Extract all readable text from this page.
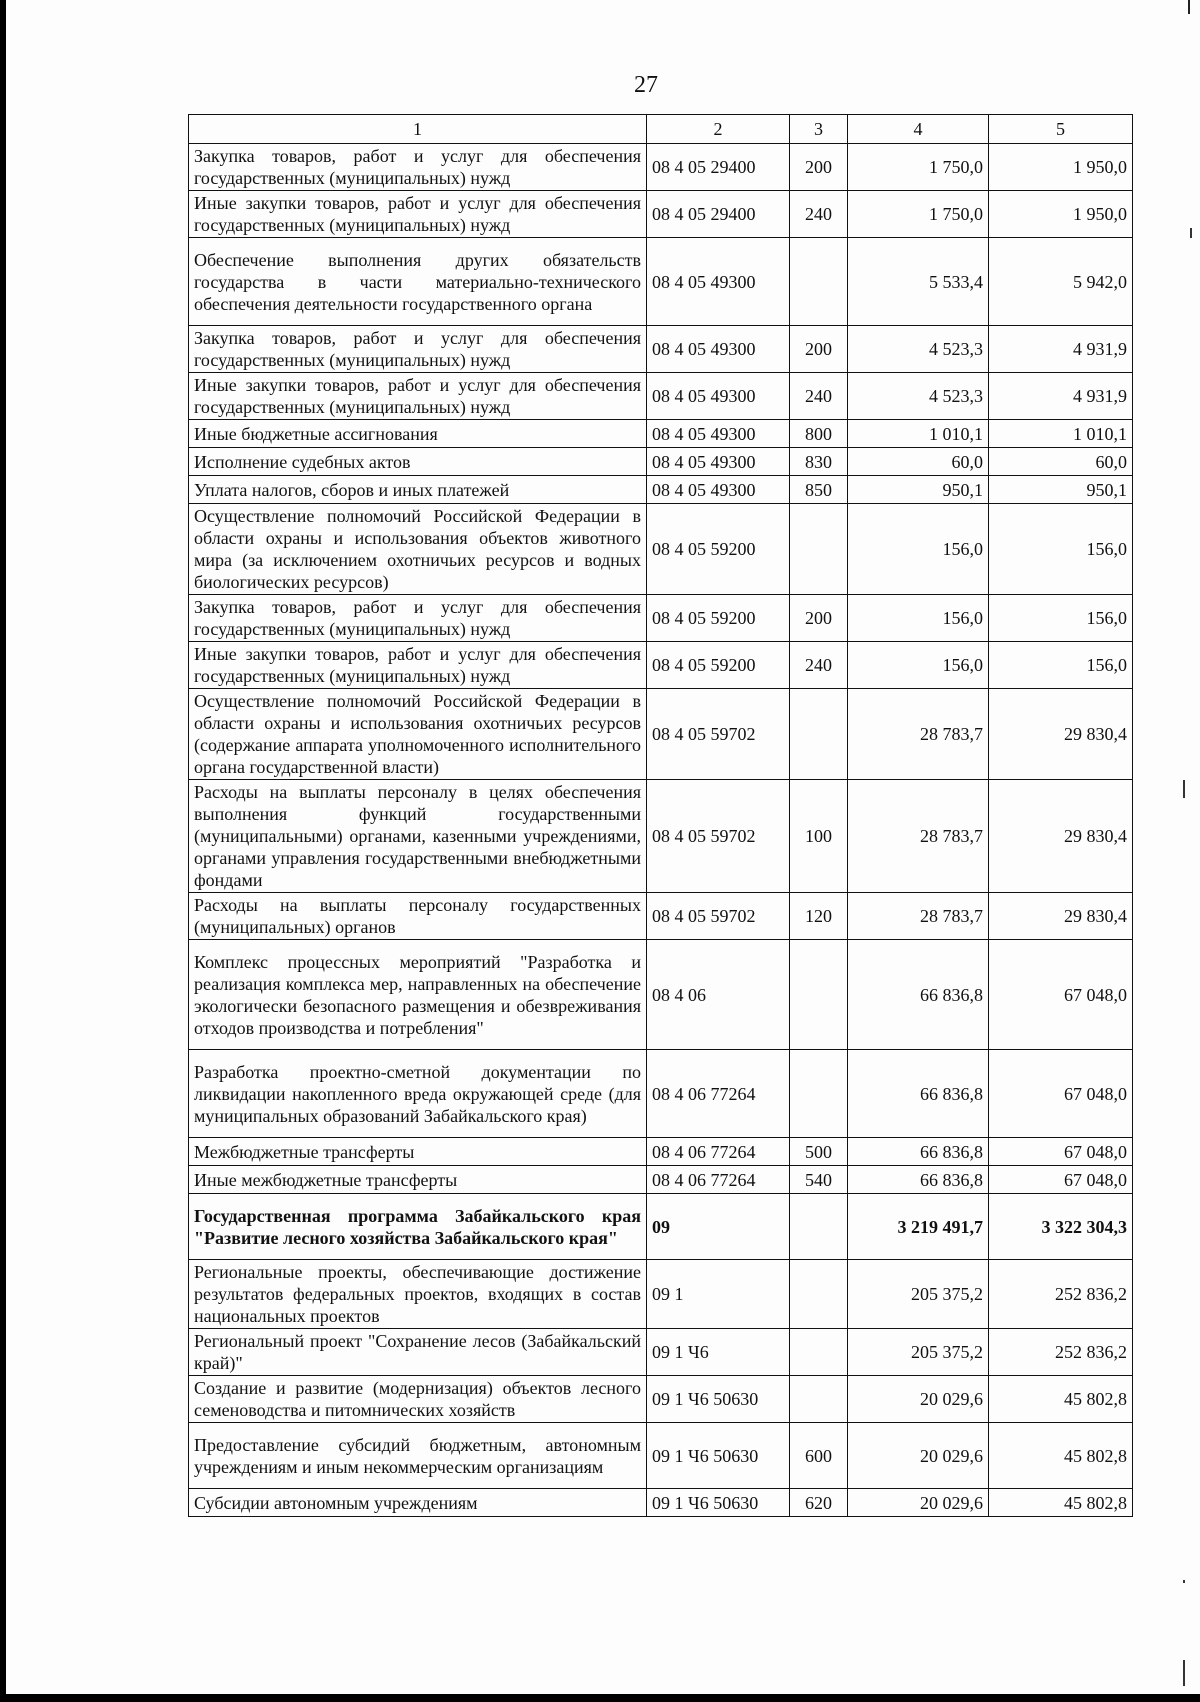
27
1	2	3	4	5
Закупка товаров, работ и услуг для обеспечения государственных (муниципальных) нужд	08 4 05 29400	200	1 750,0	1 950,0
Иные закупки товаров, работ и услуг для обеспечения государственных (муниципальных) нужд	08 4 05 29400	240	1 750,0	1 950,0
Обеспечение выполнения других обязательств государства в части материально-технического обеспечения деятельности государственного органа	08 4 05 49300		5 533,4	5 942,0
Закупка товаров, работ и услуг для обеспечения государственных (муниципальных) нужд	08 4 05 49300	200	4 523,3	4 931,9
Иные закупки товаров, работ и услуг для обеспечения государственных (муниципальных) нужд	08 4 05 49300	240	4 523,3	4 931,9
Иные бюджетные ассигнования	08 4 05 49300	800	1 010,1	1 010,1
Исполнение судебных актов	08 4 05 49300	830	60,0	60,0
Уплата налогов, сборов и иных платежей	08 4 05 49300	850	950,1	950,1
Осуществление полномочий Российской Федерации в области охраны и использования объектов животного мира (за исключением охотничьих ресурсов и водных биологических ресурсов)	08 4 05 59200		156,0	156,0
Закупка товаров, работ и услуг для обеспечения государственных (муниципальных) нужд	08 4 05 59200	200	156,0	156,0
Иные закупки товаров, работ и услуг для обеспечения государственных (муниципальных) нужд	08 4 05 59200	240	156,0	156,0
Осуществление полномочий Российской Федерации в области охраны и использования охотничьих ресурсов (содержание аппарата уполномоченного исполнительного органа государственной власти)	08 4 05 59702		28 783,7	29 830,4
Расходы на выплаты персоналу в целях обеспечения выполнения функций государственными (муниципальными) органами, казенными учреждениями, органами управления государственными внебюджетными фондами	08 4 05 59702	100	28 783,7	29 830,4
Расходы на выплаты персоналу государственных (муниципальных) органов	08 4 05 59702	120	28 783,7	29 830,4
Комплекс процессных мероприятий "Разработка и реализация комплекса мер, направленных на обеспечение экологически безопасного размещения и обезвреживания отходов производства и потребления"	08 4 06		66 836,8	67 048,0
Разработка проектно-сметной документации по ликвидации накопленного вреда окружающей среде (для муниципальных образований Забайкальского края)	08 4 06 77264		66 836,8	67 048,0
Межбюджетные трансферты	08 4 06 77264	500	66 836,8	67 048,0
Иные межбюджетные трансферты	08 4 06 77264	540	66 836,8	67 048,0
Государственная программа Забайкальского края "Развитие лесного хозяйства Забайкальского края"	09		3 219 491,7	3 322 304,3
Региональные проекты, обеспечивающие достижение результатов федеральных проектов, входящих в состав национальных проектов	09 1		205 375,2	252 836,2
Региональный проект "Сохранение лесов (Забайкальский край)"	09 1 Ч6		205 375,2	252 836,2
Создание и развитие (модернизация) объектов лесного семеноводства и питомнических хозяйств	09 1 Ч6 50630		20 029,6	45 802,8
Предоставление субсидий бюджетным, автономным учреждениям и иным некоммерческим организациям	09 1 Ч6 50630	600	20 029,6	45 802,8
Субсидии автономным учреждениям	09 1 Ч6 50630	620	20 029,6	45 802,8
